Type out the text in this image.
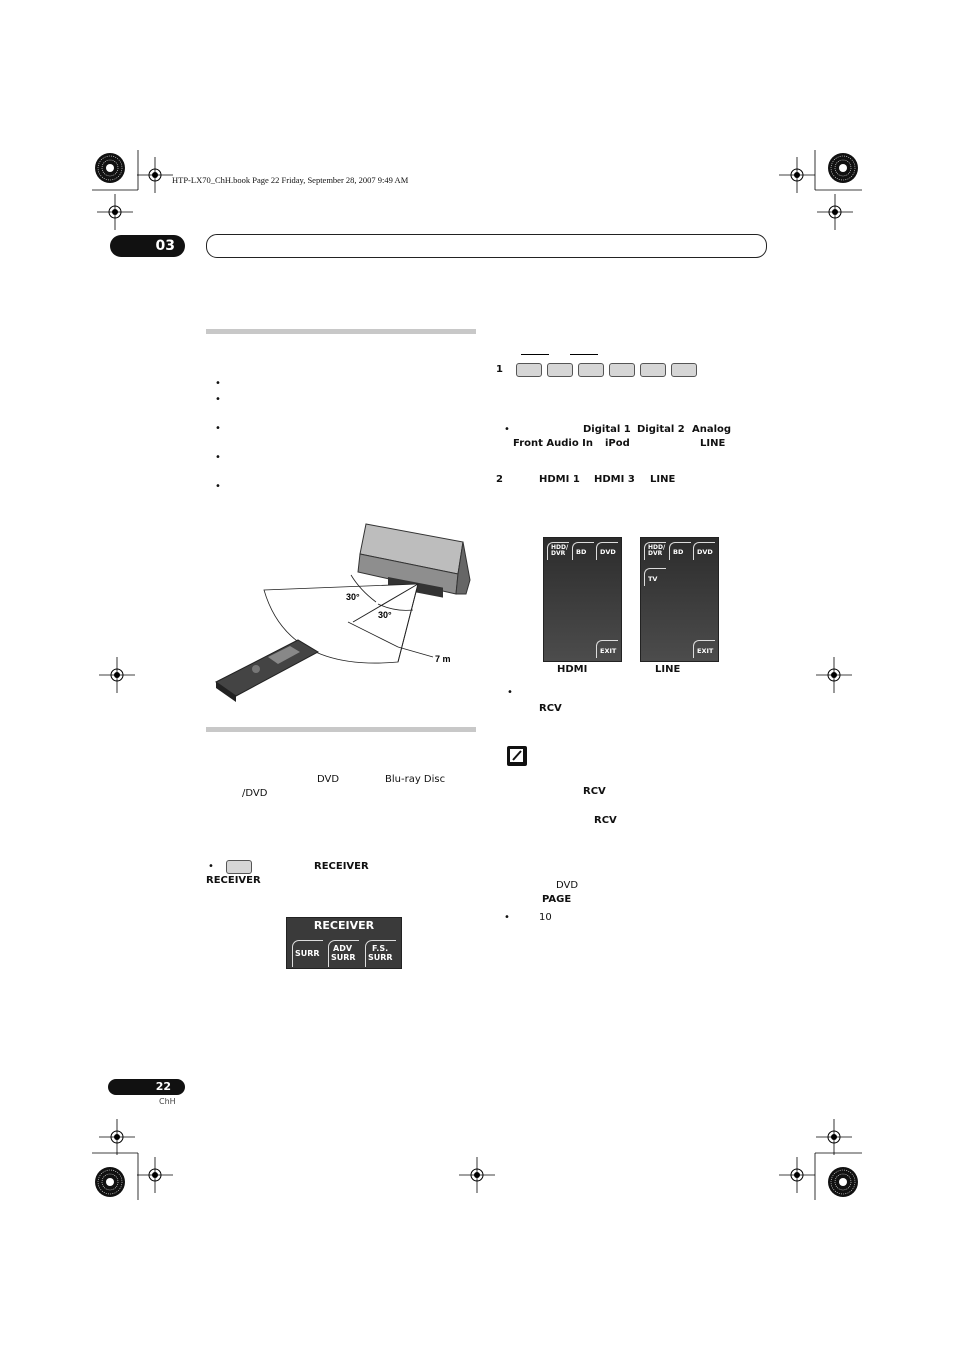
HTP-LX70_ChH.book Page 22 Friday, September 28, 2007 9:49 AM
03
•
•
•
•
•
30°
30°
7 m
DVD	Blu-ray Disc
/DVD
•	RECEIVER
RECEIVER
RECEIVER
SURR
ADV
SURR
F.S.
SURR
1
•	Digital 1 Digital 2 Analog
Front Audio In iPod	LINE
2	HDMI 1 HDMI 3 LINE
HDD/
DVR	BD	DVD
EXIT
HDMI
HDD/
DVR	BD	DVD
TV
EXIT
LINE
•
RCV
RCV
RCV
DVD
PAGE
•	10
22
ChH
